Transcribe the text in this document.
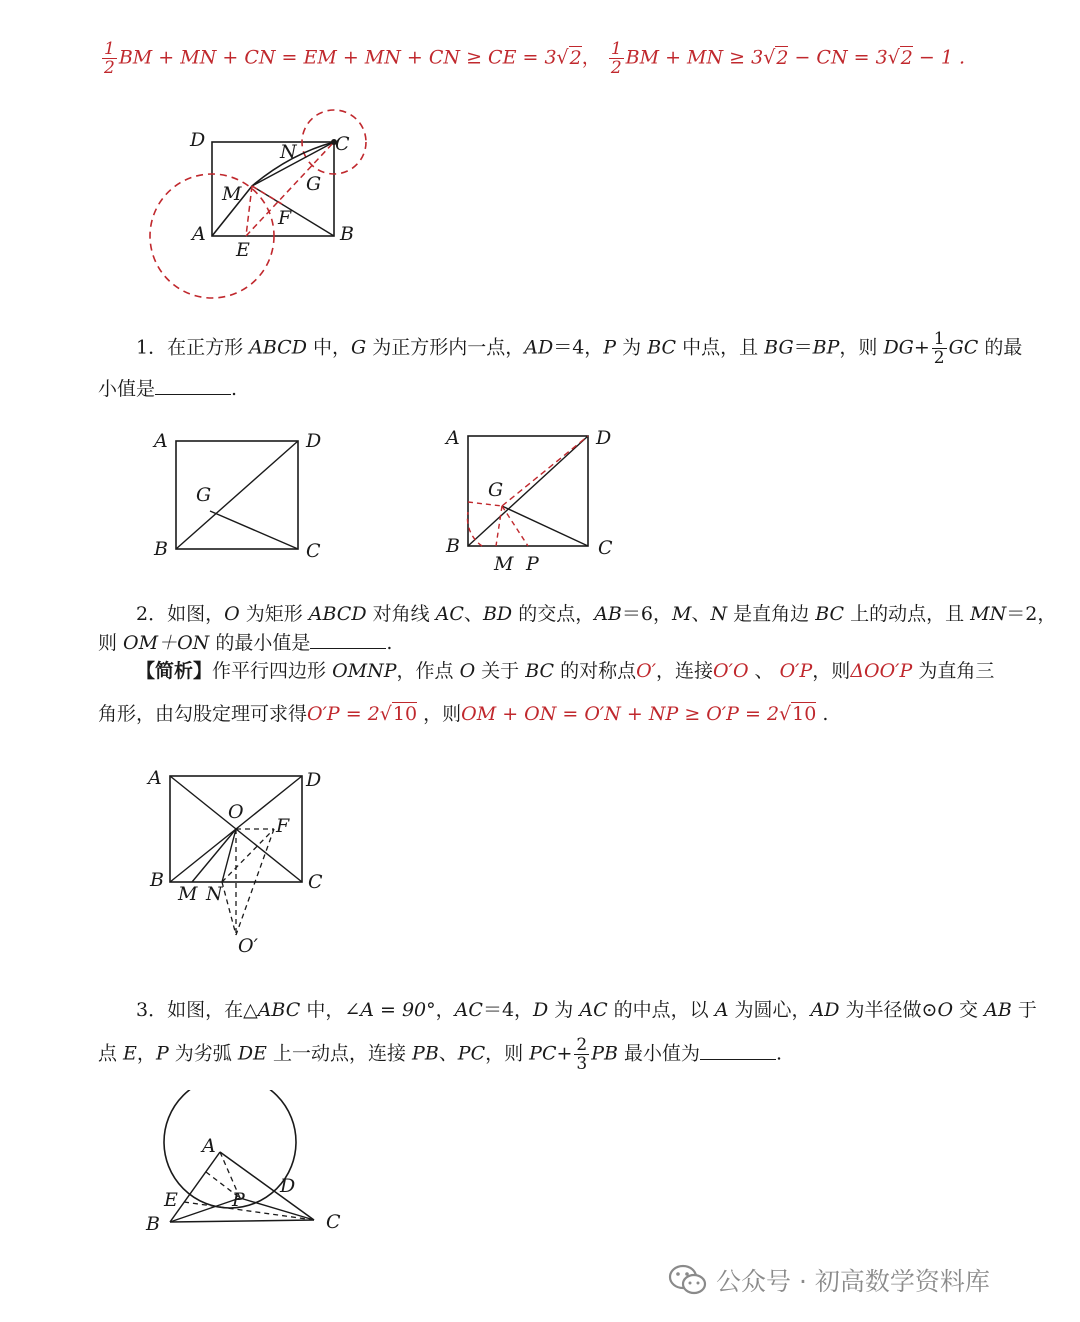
$\frac{1}{2}$ BM + MN + CN = EM + MN + CN ≥ CE = 3√2， $\frac{1}{2}$ BM + MN ≥ 3√2 − CN = 3√2 − 1 .
D
N C
G
M
F
A
E
B
1．在正方形 ABCD 中，G 为正方形内一点，AD＝4，P 为 BC 中点，且 BG＝BP，则 $DG+ \frac{1}{2}$ GC 的最
小值是	.
A	D
G
B	C
A	D
G
B	C
M P
2．如图，O 为矩形 ABCD 对角线 AC、BD 的交点，AB＝6，M、N 是直角边 BC 上的动点，且 MN＝2，
则 OM＋ON 的最小值是	.
【简析】作平行四边形 OMNP，作点 O 关于 BC 的对称点O′，连接O′O 、 O′P，则ΔOO′P 为直角三
角形，由勾股定理可求得O′P = 2√10 ，则OM + ON = O′N + NP ≥ O′P = 2√10 .
A	D
O
F
B	C
M N
O′
3．如图，在△ABC 中，∠A = 90°，AC＝4，D 为 AC 的中点，以 A 为圆心，AD 为半径做⊙O 交 AB 于
点 E，P 为劣弧 DE 上一动点，连接 PB、PC，则 $PC+ \frac{2}{3}$ PB 最小值为	.
A
E
D
P
B	C
公众号 · 初高数学资料库
